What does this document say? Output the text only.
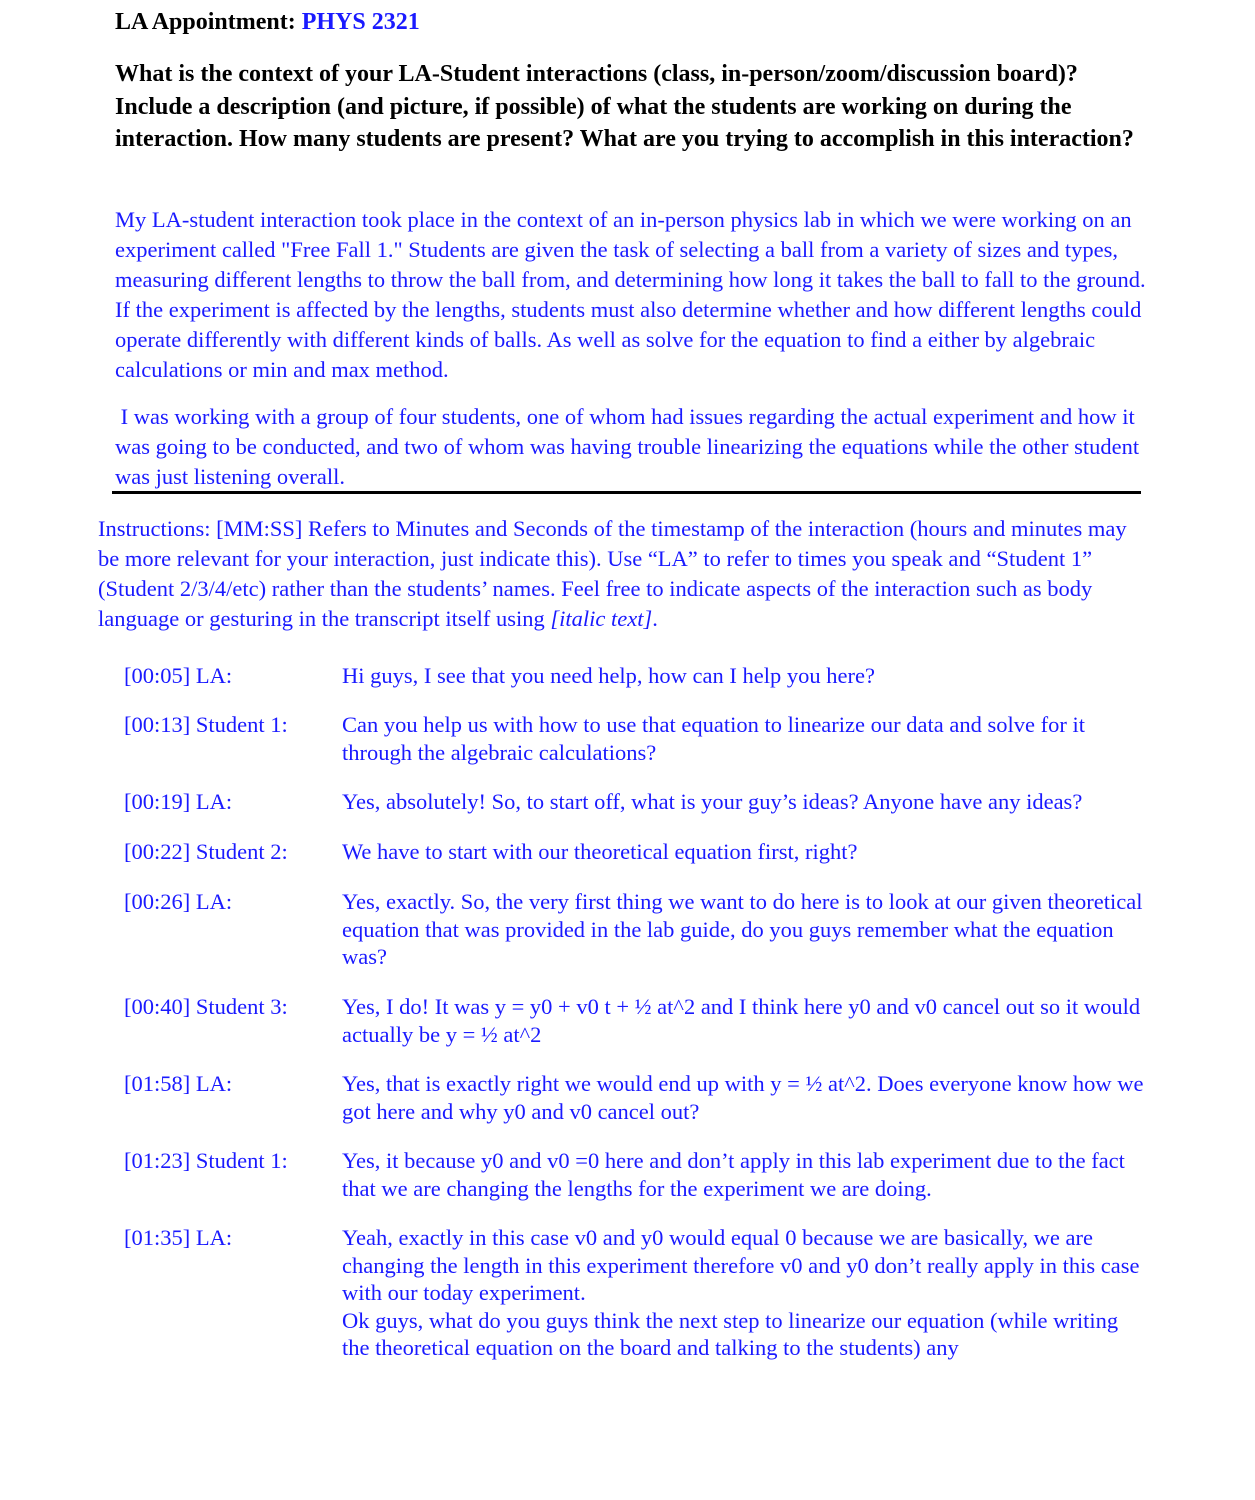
LA Appointment: PHYS 2321
What is the context of your LA-Student interactions (class, in-person/zoom/discussion board)? Include a description (and picture, if possible) of what the students are working on during the interaction. How many students are present? What are you trying to accomplish in this interaction?
My LA-student interaction took place in the context of an in-person physics lab in which we were working on an experiment called "Free Fall 1." Students are given the task of selecting a ball from a variety of sizes and types, measuring different lengths to throw the ball from, and determining how long it takes the ball to fall to the ground. If the experiment is affected by the lengths, students must also determine whether and how different lengths could operate differently with different kinds of balls. As well as solve for the equation to find a either by algebraic calculations or min and max method.
I was working with a group of four students, one of whom had issues regarding the actual experiment and how it was going to be conducted, and two of whom was having trouble linearizing the equations while the other student was just listening overall.
Instructions: [MM:SS] Refers to Minutes and Seconds of the timestamp of the interaction (hours and minutes may be more relevant for your interaction, just indicate this). Use “LA” to refer to times you speak and “Student 1” (Student 2/3/4/etc) rather than the students’ names. Feel free to indicate aspects of the interaction such as body language or gesturing in the transcript itself using [italic text].
[00:05] LA:	Hi guys, I see that you need help, how can I help you here?
[00:13] Student 1:	Can you help us with how to use that equation to linearize our data and solve for it through the algebraic calculations?
[00:19] LA:	Yes, absolutely! So, to start off, what is your guy’s ideas? Anyone have any ideas?
[00:22] Student 2:	We have to start with our theoretical equation first, right?
[00:26] LA:	Yes, exactly. So, the very first thing we want to do here is to look at our given theoretical equation that was provided in the lab guide, do you guys remember what the equation was?
[00:40] Student 3:	Yes, I do! It was y = y0 + v0 t + ½ at^2 and I think here y0 and v0 cancel out so it would actually be y = ½ at^2
[01:58] LA:	Yes, that is exactly right we would end up with y = ½ at^2. Does everyone know how we got here and why y0 and v0 cancel out?
[01:23] Student 1:	Yes, it because y0 and v0 =0 here and don’t apply in this lab experiment due to the fact that we are changing the lengths for the experiment we are doing.
[01:35] LA:	Yeah, exactly in this case v0 and y0 would equal 0 because we are basically, we are changing the length in this experiment therefore v0 and y0 don’t really apply in this case with our today experiment.
Ok guys, what do you guys think the next step to linearize our equation (while writing the theoretical equation on the board and talking to the students) any
